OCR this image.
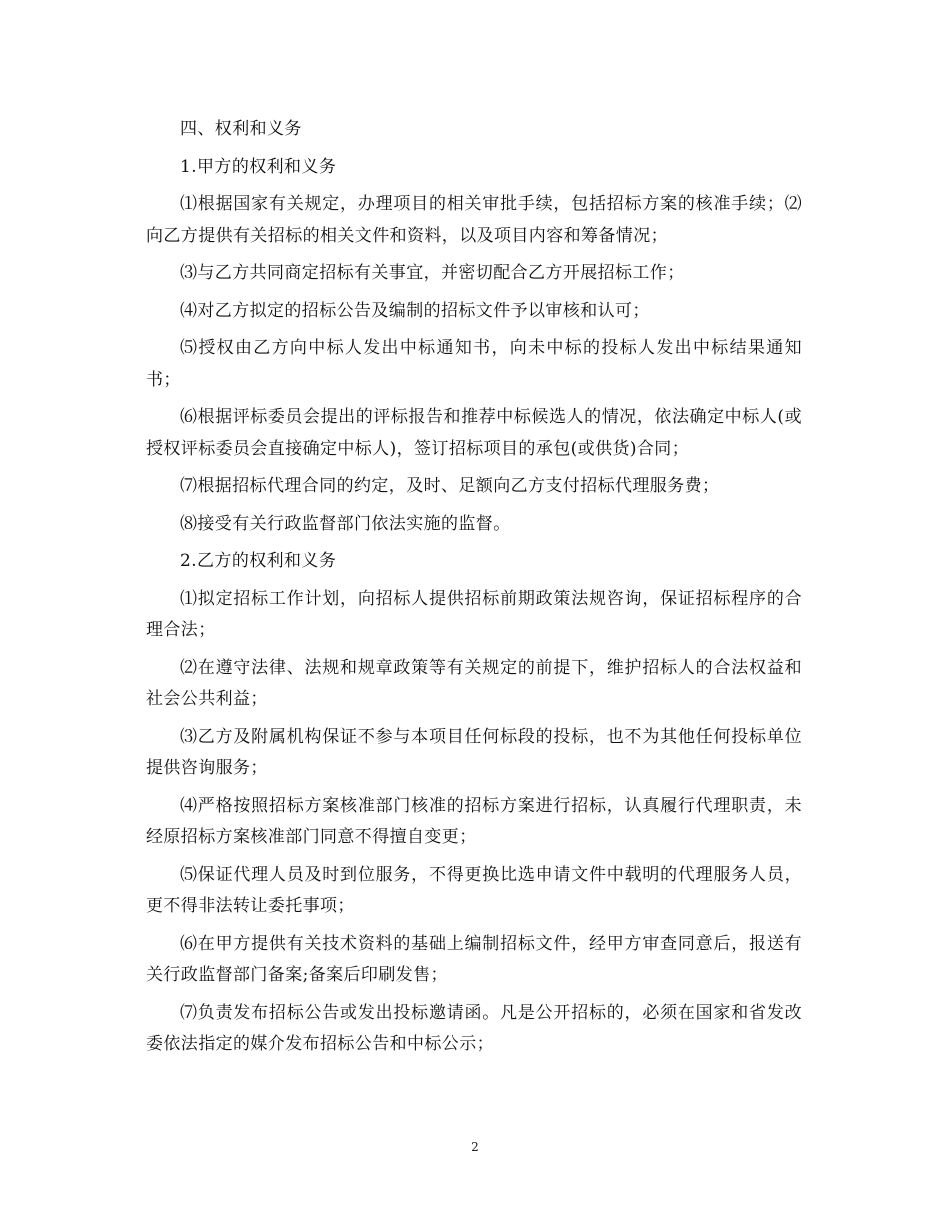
四、权利和义务

1.甲方的权利和义务

⑴根据国家有关规定，办理项目的相关审批手续，包括招标方案的核准手续；⑵ 向乙方提供有关招标的相关文件和资料，以及项目内容和筹备情况；

⑶与乙方共同商定招标有关事宜，并密切配合乙方开展招标工作；

⑷对乙方拟定的招标公告及编制的招标文件予以审核和认可；

⑸授权由乙方向中标人发出中标通知书，向未中标的投标人发出中标结果通知书；

⑹根据评标委员会提出的评标报告和推荐中标候选人的情况，依法确定中标人(或授权评标委员会直接确定中标人)，签订招标项目的承包(或供货)合同；

⑺根据招标代理合同的约定，及时、足额向乙方支付招标代理服务费；

⑻接受有关行政监督部门依法实施的监督。

2.乙方的权利和义务

⑴拟定招标工作计划，向招标人提供招标前期政策法规咨询，保证招标程序的合理合法；

⑵在遵守法律、法规和规章政策等有关规定的前提下，维护招标人的合法权益和社会公共利益；

⑶乙方及附属机构保证不参与本项目任何标段的投标，也不为其他任何投标单位提供咨询服务；

⑷严格按照招标方案核准部门核准的招标方案进行招标，认真履行代理职责，未经原招标方案核准部门同意不得擅自变更；

⑸保证代理人员及时到位服务，不得更换比选申请文件中载明的代理服务人员，更不得非法转让委托事项；

⑹在甲方提供有关技术资料的基础上编制招标文件，经甲方审查同意后，报送有关行政监督部门备案;备案后印刷发售；

⑺负责发布招标公告或发出投标邀请函。凡是公开招标的，必须在国家和省发改委依法指定的媒介发布招标公告和中标公示；

2
